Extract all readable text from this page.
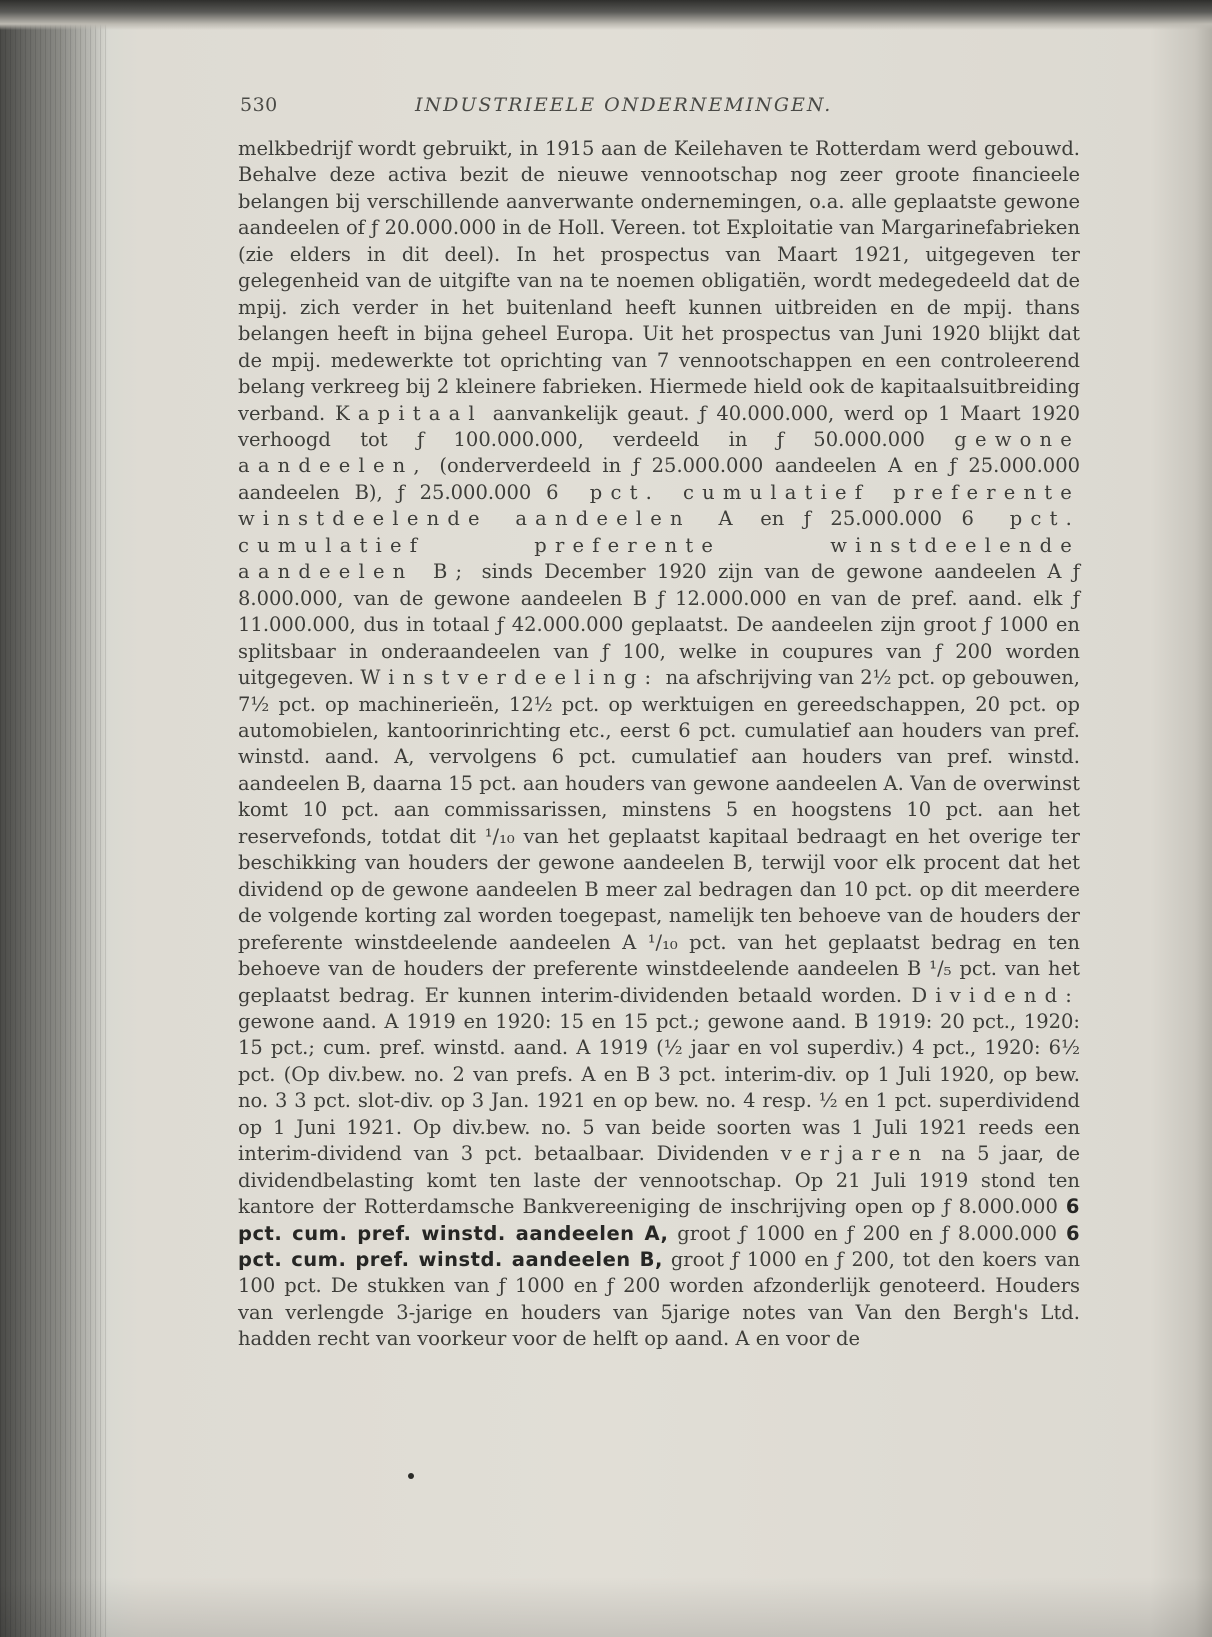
530	INDUSTRIEELE ONDERNEMINGEN.

melkbedrijf wordt gebruikt, in 1915 aan de Keilehaven te Rotterdam werd gebouwd. Behalve deze activa bezit de nieuwe vennootschap nog zeer groote financieele belangen bij verschillende aanverwante ondernemingen, o.a. alle geplaatste gewone aandeelen of ƒ 20.000.000 in de Holl. Vereen. tot Exploitatie van Margarinefabrieken (zie elders in dit deel). In het prospectus van Maart 1921, uitgegeven ter gelegenheid van de uitgifte van na te noemen obligatiën, wordt medegedeeld dat de mpij. zich verder in het buitenland heeft kunnen uitbreiden en de mpij. thans belangen heeft in bijna geheel Europa. Uit het prospectus van Juni 1920 blijkt dat de mpij. medewerkte tot oprichting van 7 vennootschappen en een controleerend belang verkreeg bij 2 kleinere fabrieken. Hiermede hield ook de kapitaalsuitbreiding verband. Kapitaal aanvankelijk geaut. ƒ 40.000.000, werd op 1 Maart 1920 verhoogd tot ƒ 100.000.000, verdeeld in ƒ 50.000.000 gewone aandeelen, (onderverdeeld in ƒ 25.000.000 aandeelen A en ƒ 25.000.000 aandeelen B), ƒ 25.000.000 6 pct. cumulatief preferente winstdeelende aandeelen A en ƒ 25.000.000 6 pct. cumulatief preferente winstdeelende aandeelen B; sinds December 1920 zijn van de gewone aandeelen A ƒ 8.000.000, van de gewone aandeelen B ƒ 12.000.000 en van de pref. aand. elk ƒ 11.000.000, dus in totaal ƒ 42.000.000 geplaatst. De aandeelen zijn groot ƒ 1000 en splitsbaar in onderaandeelen van ƒ 100, welke in coupures van ƒ 200 worden uitgegeven. Winstverdeeling: na afschrijving van 2½ pct. op gebouwen, 7½ pct. op machinerieën, 12½ pct. op werktuigen en gereedschappen, 20 pct. op automobielen, kantoorinrichting etc., eerst 6 pct. cumulatief aan houders van pref. winstd. aand. A, vervolgens 6 pct. cumulatief aan houders van pref. winstd. aandeelen B, daarna 15 pct. aan houders van gewone aandeelen A. Van de overwinst komt 10 pct. aan commissarissen, minstens 5 en hoogstens 10 pct. aan het reservefonds, totdat dit ¹/₁₀ van het geplaatst kapitaal bedraagt en het overige ter beschikking van houders der gewone aandeelen B, terwijl voor elk procent dat het dividend op de gewone aandeelen B meer zal bedragen dan 10 pct. op dit meerdere de volgende korting zal worden toegepast, namelijk ten behoeve van de houders der preferente winstdeelende aandeelen A ¹/₁₀ pct. van het geplaatst bedrag en ten behoeve van de houders der preferente winstdeelende aandeelen B ¹/₅ pct. van het geplaatst bedrag. Er kunnen interim-dividenden betaald worden. Dividend: gewone aand. A 1919 en 1920: 15 en 15 pct.; gewone aand. B 1919: 20 pct., 1920: 15 pct.; cum. pref. winstd. aand. A 1919 (½ jaar en vol superdiv.) 4 pct., 1920: 6½ pct. (Op div.bew. no. 2 van prefs. A en B 3 pct. interim-div. op 1 Juli 1920, op bew. no. 3 3 pct. slot-div. op 3 Jan. 1921 en op bew. no. 4 resp. ½ en 1 pct. superdividend op 1 Juni 1921. Op div.bew. no. 5 van beide soorten was 1 Juli 1921 reeds een interim-dividend van 3 pct. betaalbaar. Dividenden verjaren na 5 jaar, de dividendbelasting komt ten laste der vennootschap. Op 21 Juli 1919 stond ten kantore der Rotterdamsche Bankvereeniging de inschrijving open op ƒ 8.000.000 6 pct. cum. pref. winstd. aandeelen A, groot ƒ 1000 en ƒ 200 en ƒ 8.000.000 6 pct. cum. pref. winstd. aandeelen B, groot ƒ 1000 en ƒ 200, tot den koers van 100 pct. De stukken van ƒ 1000 en ƒ 200 worden afzonderlijk genoteerd. Houders van verlengde 3-jarige en houders van 5jarige notes van Van den Bergh's Ltd. hadden recht van voorkeur voor de helft op aand. A en voor de
